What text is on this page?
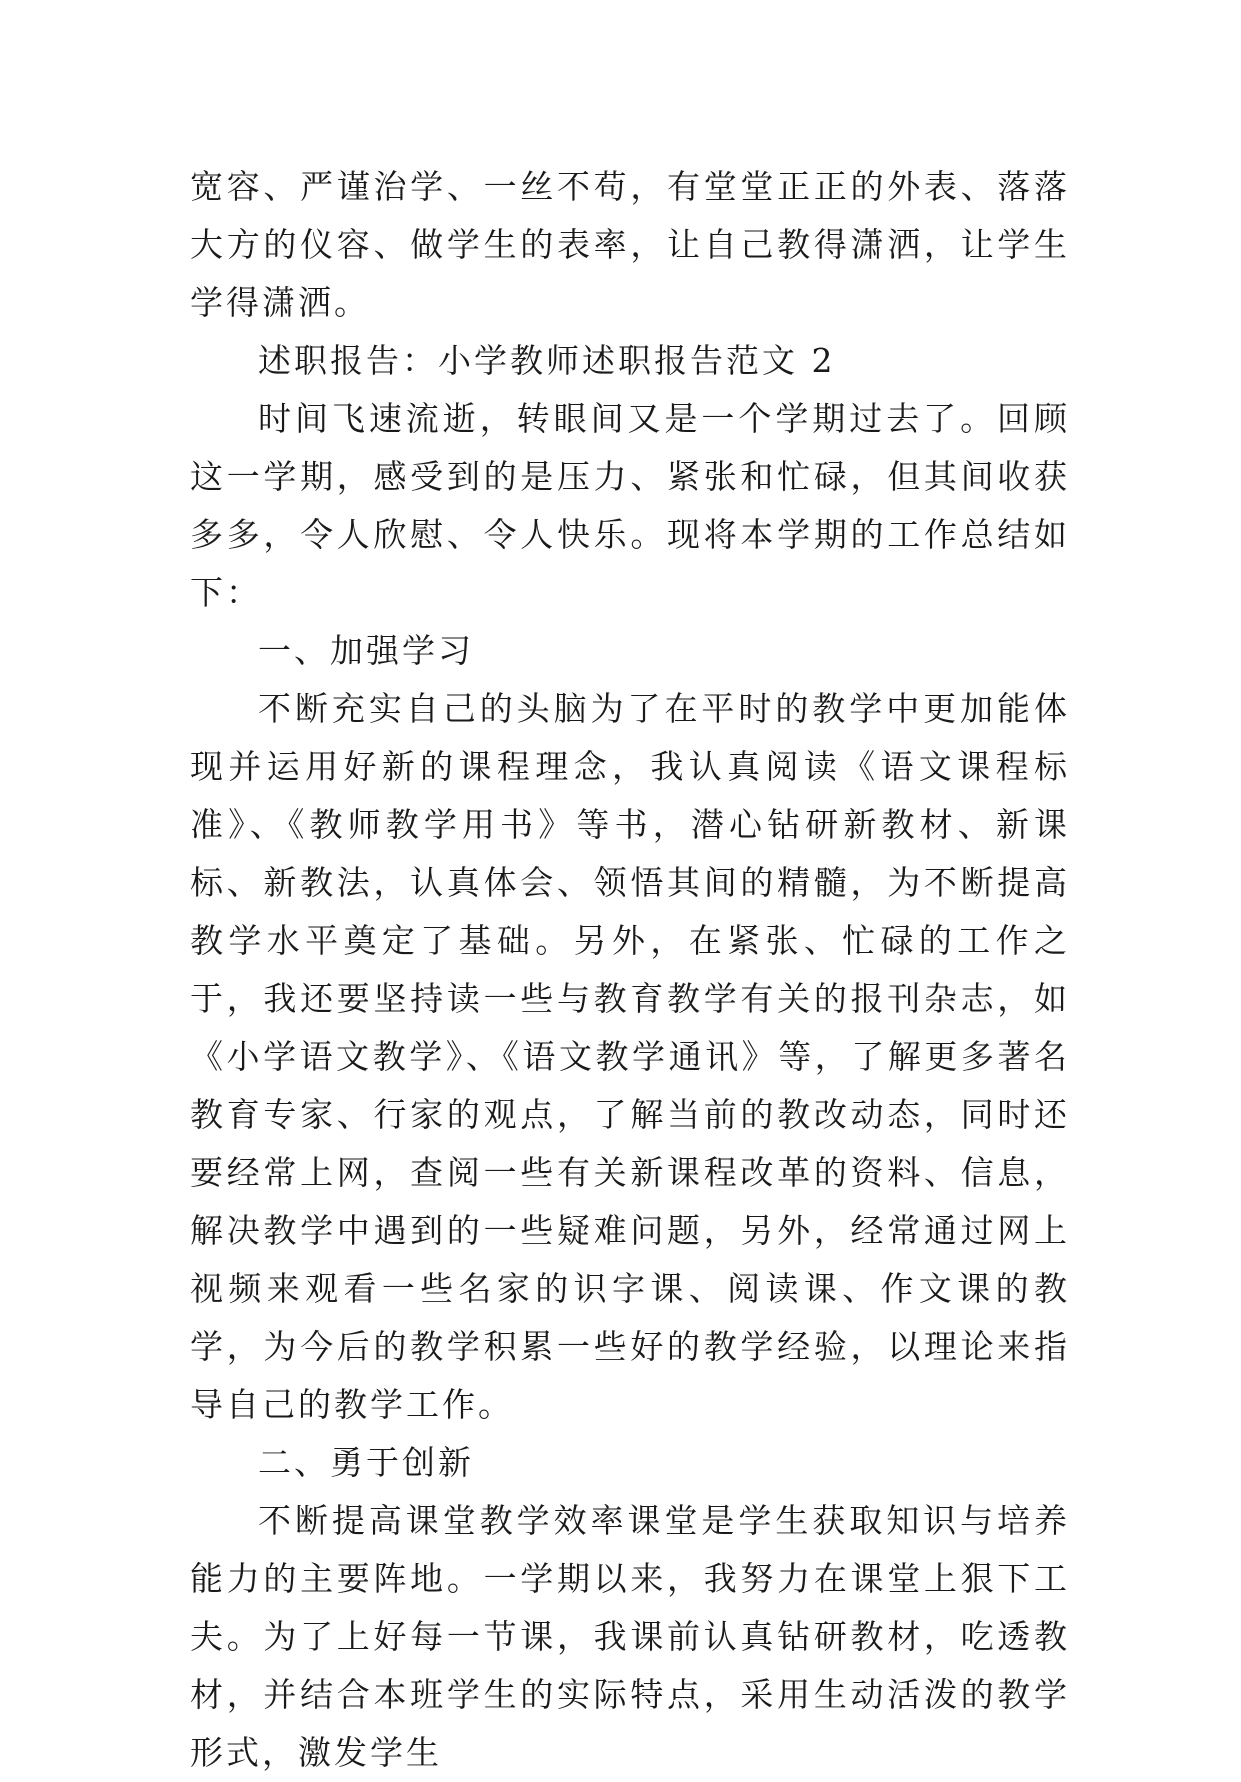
宽容、严谨治学、一丝不苟，有堂堂正正的外表、落落大方的仪容、做学生的表率，让自己教得潇洒，让学生学得潇洒。

述职报告：小学教师述职报告范文 2

时间飞速流逝，转眼间又是一个学期过去了。回顾这一学期，感受到的是压力、紧张和忙碌，但其间收获多多，令人欣慰、令人快乐。现将本学期的工作总结如下：

一、加强学习

不断充实自己的头脑为了在平时的教学中更加能体现并运用好新的课程理念，我认真阅读《语文课程标准》、《教师教学用书》等书，潜心钻研新教材、新课标、新教法，认真体会、领悟其间的精髓，为不断提高教学水平奠定了基础。另外，在紧张、忙碌的工作之于，我还要坚持读一些与教育教学有关的报刊杂志，如《小学语文教学》、《语文教学通讯》等，了解更多著名教育专家、行家的观点，了解当前的教改动态，同时还要经常上网，查阅一些有关新课程改革的资料、信息，解决教学中遇到的一些疑难问题，另外，经常通过网上视频来观看一些名家的识字课、阅读课、作文课的教学，为今后的教学积累一些好的教学经验，以理论来指导自己的教学工作。

二、勇于创新

不断提高课堂教学效率课堂是学生获取知识与培养能力的主要阵地。一学期以来，我努力在课堂上狠下工夫。为了上好每一节课，我课前认真钻研教材，吃透教材，并结合本班学生的实际特点，采用生动活泼的教学形式，激发学生
